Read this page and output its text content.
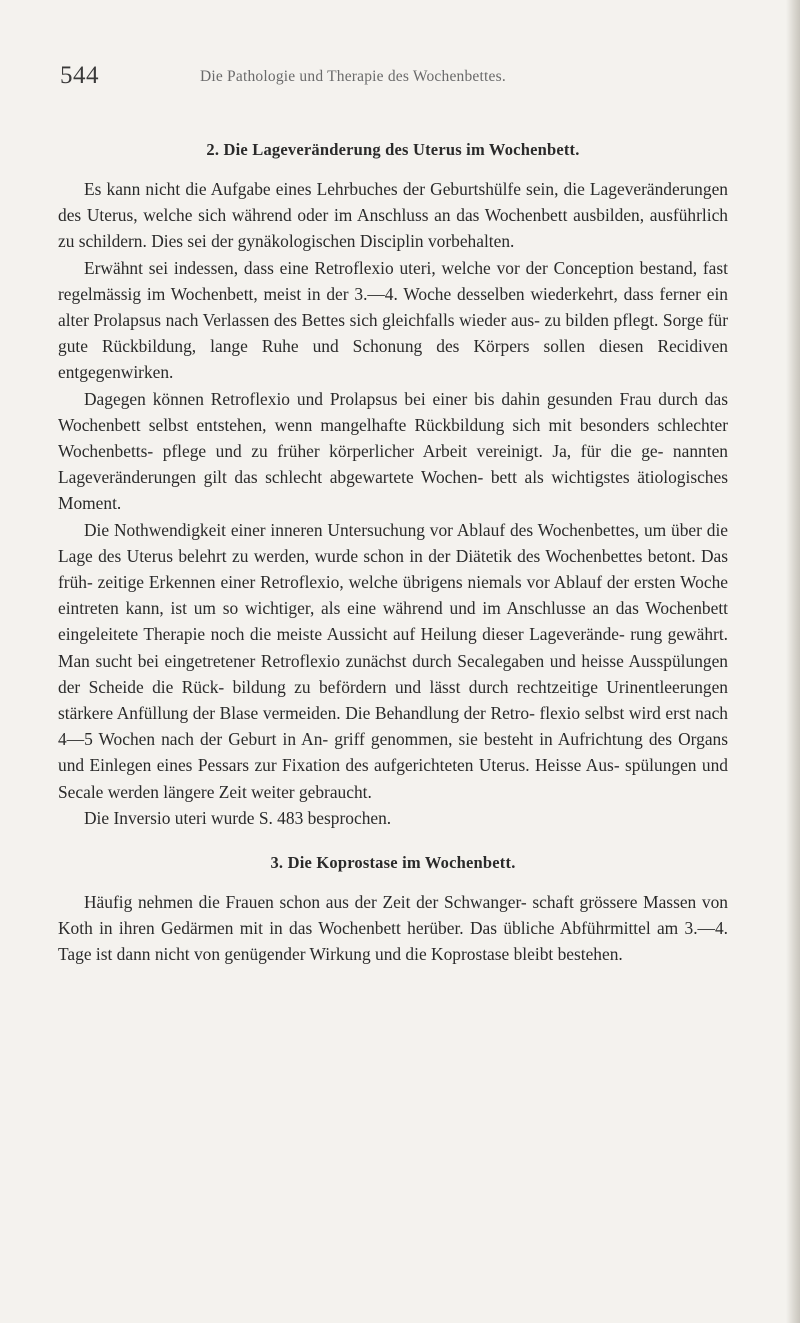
544	Die Pathologie und Therapie des Wochenbettes.
2. Die Lageveränderung des Uterus im Wochenbett.

Es kann nicht die Aufgabe eines Lehrbuches der Geburtshülfe sein, die Lageveränderungen des Uterus, welche sich während oder im Anschluss an das Wochenbett ausbilden, ausführlich zu schildern. Dies sei der gynäkologischen Disciplin vorbehalten.

Erwähnt sei indessen, dass eine Retroflexio uteri, welche vor der Conception bestand, fast regelmässig im Wochenbett, meist in der 3.—4. Woche desselben wiederkehrt, dass ferner ein alter Prolapsus nach Verlassen des Bettes sich gleichfalls wieder aus- zu bilden pflegt. Sorge für gute Rückbildung, lange Ruhe und Schonung des Körpers sollen diesen Recidiven entgegenwirken.

Dagegen können Retroflexio und Prolapsus bei einer bis dahin gesunden Frau durch das Wochenbett selbst entstehen, wenn mangelhafte Rückbildung sich mit besonders schlechter Wochenbetts- pflege und zu früher körperlicher Arbeit vereinigt. Ja, für die ge- nannten Lageveränderungen gilt das schlecht abgewartete Wochen- bett als wichtigstes ätiologisches Moment.

Die Nothwendigkeit einer inneren Untersuchung vor Ablauf des Wochenbettes, um über die Lage des Uterus belehrt zu werden, wurde schon in der Diätetik des Wochenbettes betont. Das früh- zeitige Erkennen einer Retroflexio, welche übrigens niemals vor Ablauf der ersten Woche eintreten kann, ist um so wichtiger, als eine während und im Anschlusse an das Wochenbett eingeleitete Therapie noch die meiste Aussicht auf Heilung dieser Lageverände- rung gewährt. Man sucht bei eingetretener Retroflexio zunächst durch Secalegaben und heisse Ausspülungen der Scheide die Rück- bildung zu befördern und lässt durch rechtzeitige Urinentleerungen stärkere Anfüllung der Blase vermeiden. Die Behandlung der Retro- flexio selbst wird erst nach 4—5 Wochen nach der Geburt in An- griff genommen, sie besteht in Aufrichtung des Organs und Einlegen eines Pessars zur Fixation des aufgerichteten Uterus. Heisse Aus- spülungen und Secale werden längere Zeit weiter gebraucht.

Die Inversio uteri wurde S. 483 besprochen.

3. Die Koprostase im Wochenbett.

Häufig nehmen die Frauen schon aus der Zeit der Schwanger- schaft grössere Massen von Koth in ihren Gedärmen mit in das Wochenbett herüber. Das übliche Abführmittel am 3.—4. Tage ist dann nicht von genügender Wirkung und die Koprostase bleibt bestehen.
